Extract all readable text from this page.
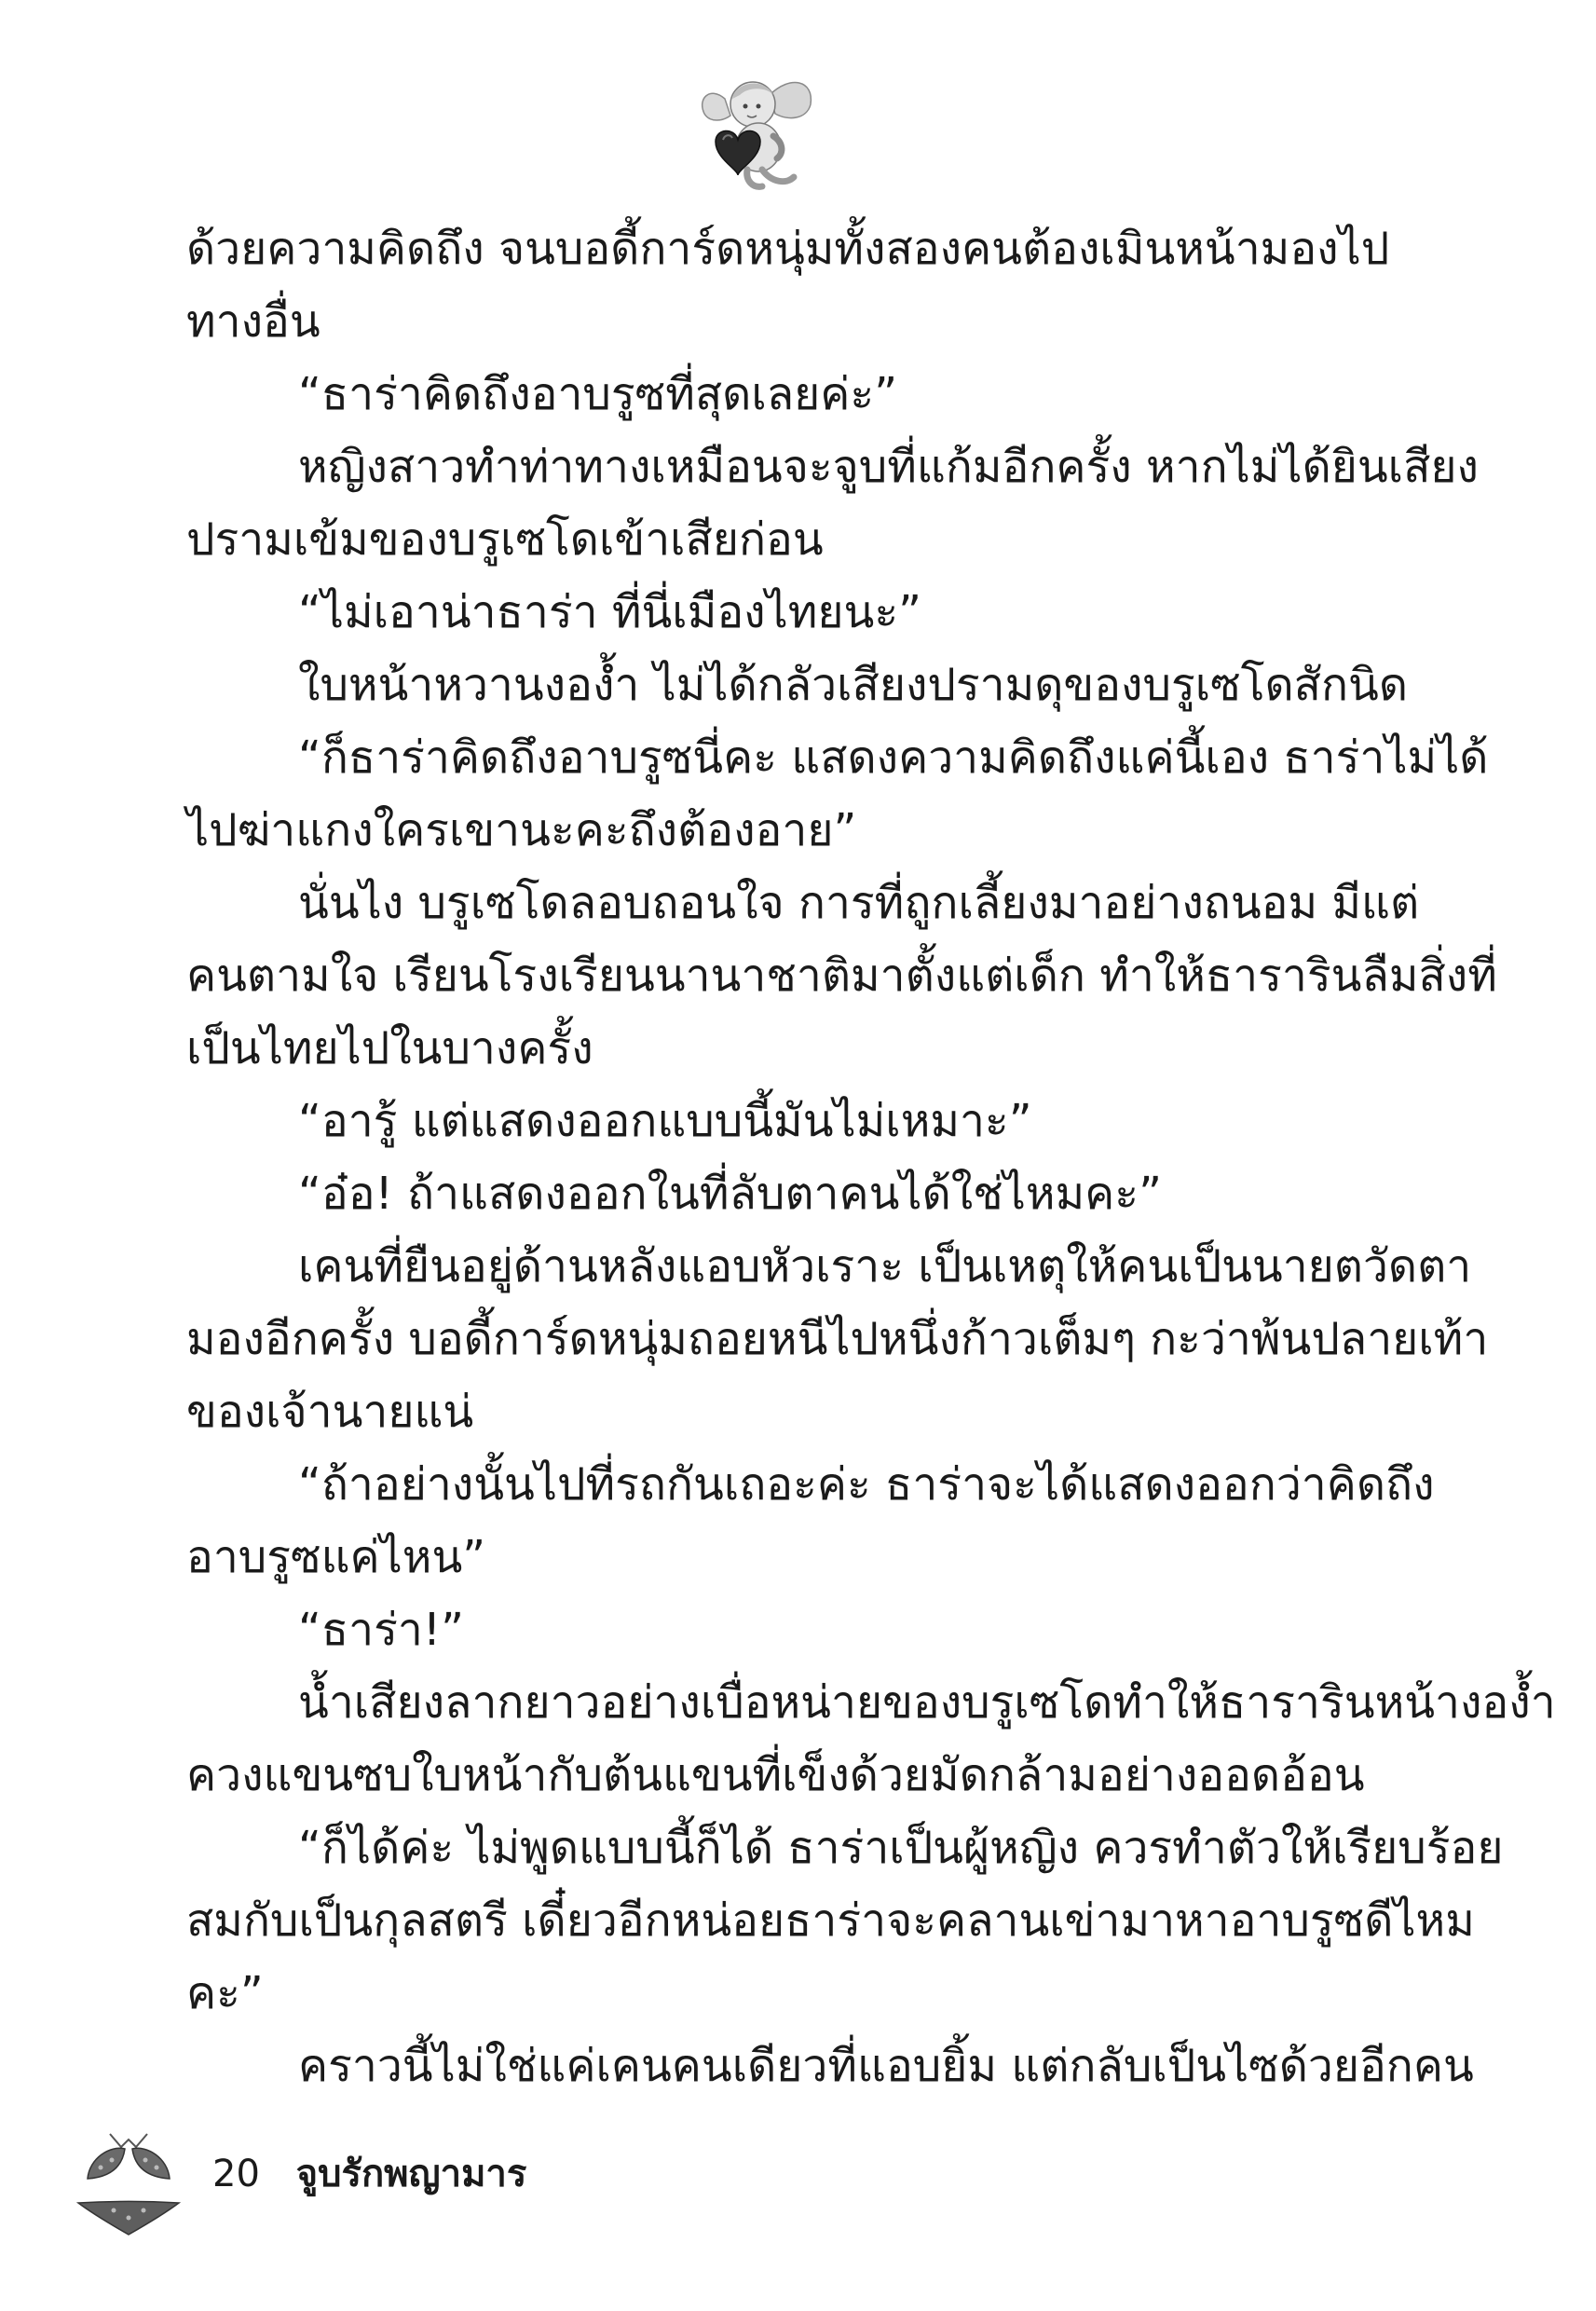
ด้วยความคิดถึง จนบอดี้การ์ดหนุ่มทั้งสองคนต้องเมินหน้ามองไป
ทางอื่น
“ธาร่าคิดถึงอาบรูซที่สุดเลยค่ะ”
หญิงสาวทำท่าทางเหมือนจะจูบที่แก้มอีกครั้ง หากไม่ได้ยินเสียง
ปรามเข้มของบรูเซโดเข้าเสียก่อน
“ไม่เอาน่าธาร่า ที่นี่เมืองไทยนะ”
ใบหน้าหวานงอง้ำ ไม่ได้กลัวเสียงปรามดุของบรูเซโดสักนิด
“ก็ธาร่าคิดถึงอาบรูซนี่คะ แสดงความคิดถึงแค่นี้เอง ธาร่าไม่ได้
ไปฆ่าแกงใครเขานะคะถึงต้องอาย”
นั่นไง บรูเซโดลอบถอนใจ การที่ถูกเลี้ยงมาอย่างถนอม มีแต่
คนตามใจ เรียนโรงเรียนนานาชาติมาตั้งแต่เด็ก ทำให้ธารารินลืมสิ่งที่
เป็นไทยไปในบางครั้ง
“อารู้ แต่แสดงออกแบบนี้มันไม่เหมาะ”
“อ๋อ! ถ้าแสดงออกในที่ลับตาคนได้ใช่ไหมคะ”
เคนที่ยืนอยู่ด้านหลังแอบหัวเราะ เป็นเหตุให้คนเป็นนายตวัดตา
มองอีกครั้ง บอดี้การ์ดหนุ่มถอยหนีไปหนึ่งก้าวเต็มๆ กะว่าพ้นปลายเท้า
ของเจ้านายแน่
“ถ้าอย่างนั้นไปที่รถกันเถอะค่ะ ธาร่าจะได้แสดงออกว่าคิดถึง
อาบรูซแค่ไหน”
“ธาร่า!”
น้ำเสียงลากยาวอย่างเบื่อหน่ายของบรูเซโดทำให้ธารารินหน้างอง้ำ
ควงแขนซบใบหน้ากับต้นแขนที่เข็งด้วยมัดกล้ามอย่างออดอ้อน
“ก็ได้ค่ะ ไม่พูดแบบนี้ก็ได้ ธาร่าเป็นผู้หญิง ควรทำตัวให้เรียบร้อย
สมกับเป็นกุลสตรี เดี๋ยวอีกหน่อยธาร่าจะคลานเข่ามาหาอาบรูซดีไหม
คะ”
คราวนี้ไม่ใช่แค่เคนคนเดียวที่แอบยิ้ม แต่กลับเป็นไซด้วยอีกคน
20 จูบรักพญามาร
